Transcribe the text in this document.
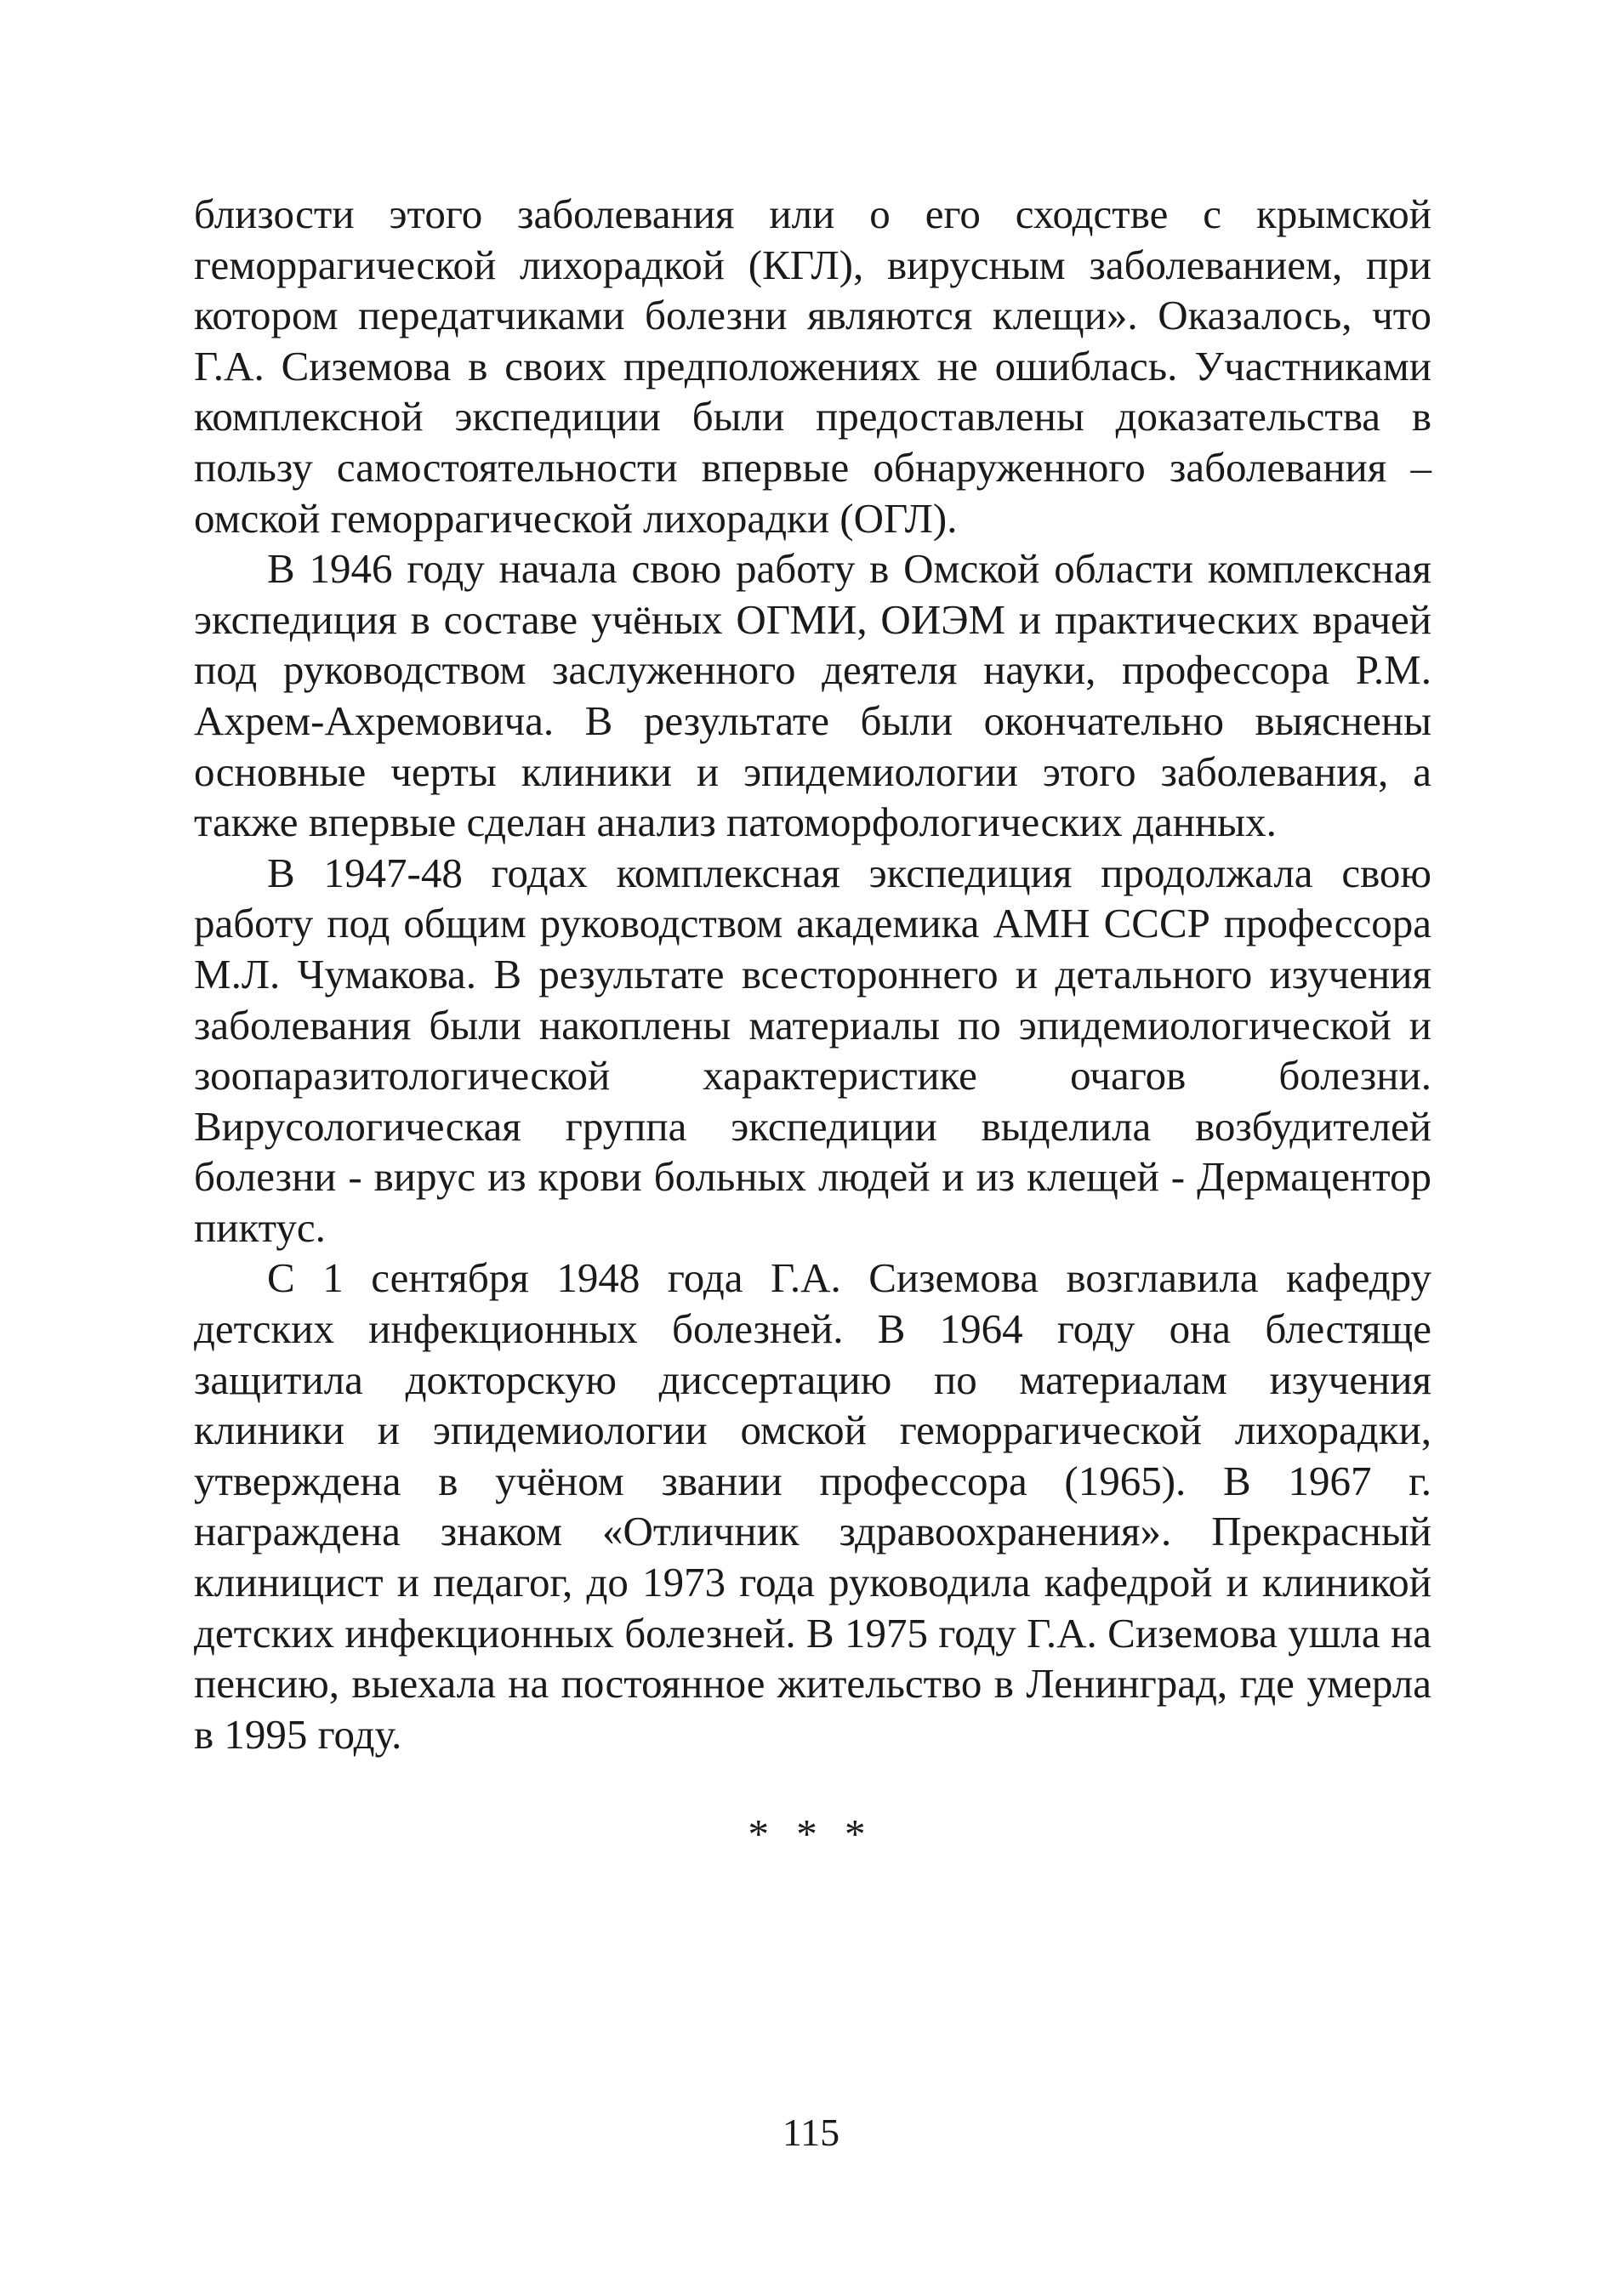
близости этого заболевания или о его сходстве с крымской геморрагической лихорадкой (КГЛ), вирусным заболеванием, при котором передатчиками болезни являются клещи». Оказалось, что Г.А. Сиземова в своих предположениях не ошиблась. Участниками комплексной экспедиции были предоставлены доказательства в пользу самостоятельности впервые обнаруженного заболевания – омской геморрагической лихорадки (ОГЛ).

В 1946 году начала свою работу в Омской области комплексная экспедиция в составе учёных ОГМИ, ОИЭМ и практических врачей под руководством заслуженного деятеля науки, профессора Р.М. Ахрем-Ахремовича. В результате были окончательно выяснены основные черты клиники и эпидемиологии этого заболевания, а также впервые сделан анализ патоморфологических данных.

В 1947-48 годах комплексная экспедиция продолжала свою работу под общим руководством академика АМН СССР профессора М.Л. Чумакова. В результате всестороннего и детального изучения заболевания были накоплены материалы по эпидемиологической и зоопаразитологической характеристике очагов болезни. Вирусологическая группа экспедиции выделила возбудителей болезни - вирус из крови больных людей и из клещей - Дермацентор пиктус.

С 1 сентября 1948 года Г.А. Сиземова возглавила кафедру детских инфекционных болезней. В 1964 году она блестяще защитила докторскую диссертацию по материалам изучения клиники и эпидемиологии омской геморрагической лихорадки, утверждена в учёном звании профессора (1965). В 1967 г. награждена знаком «Отличник здравоохранения». Прекрасный клиницист и педагог, до 1973 года руководила кафедрой и клиникой детских инфекционных болезней. В 1975 году Г.А. Сиземова ушла на пенсию, выехала на постоянное жительство в Ленинград, где умерла в 1995 году.

* * *
115
